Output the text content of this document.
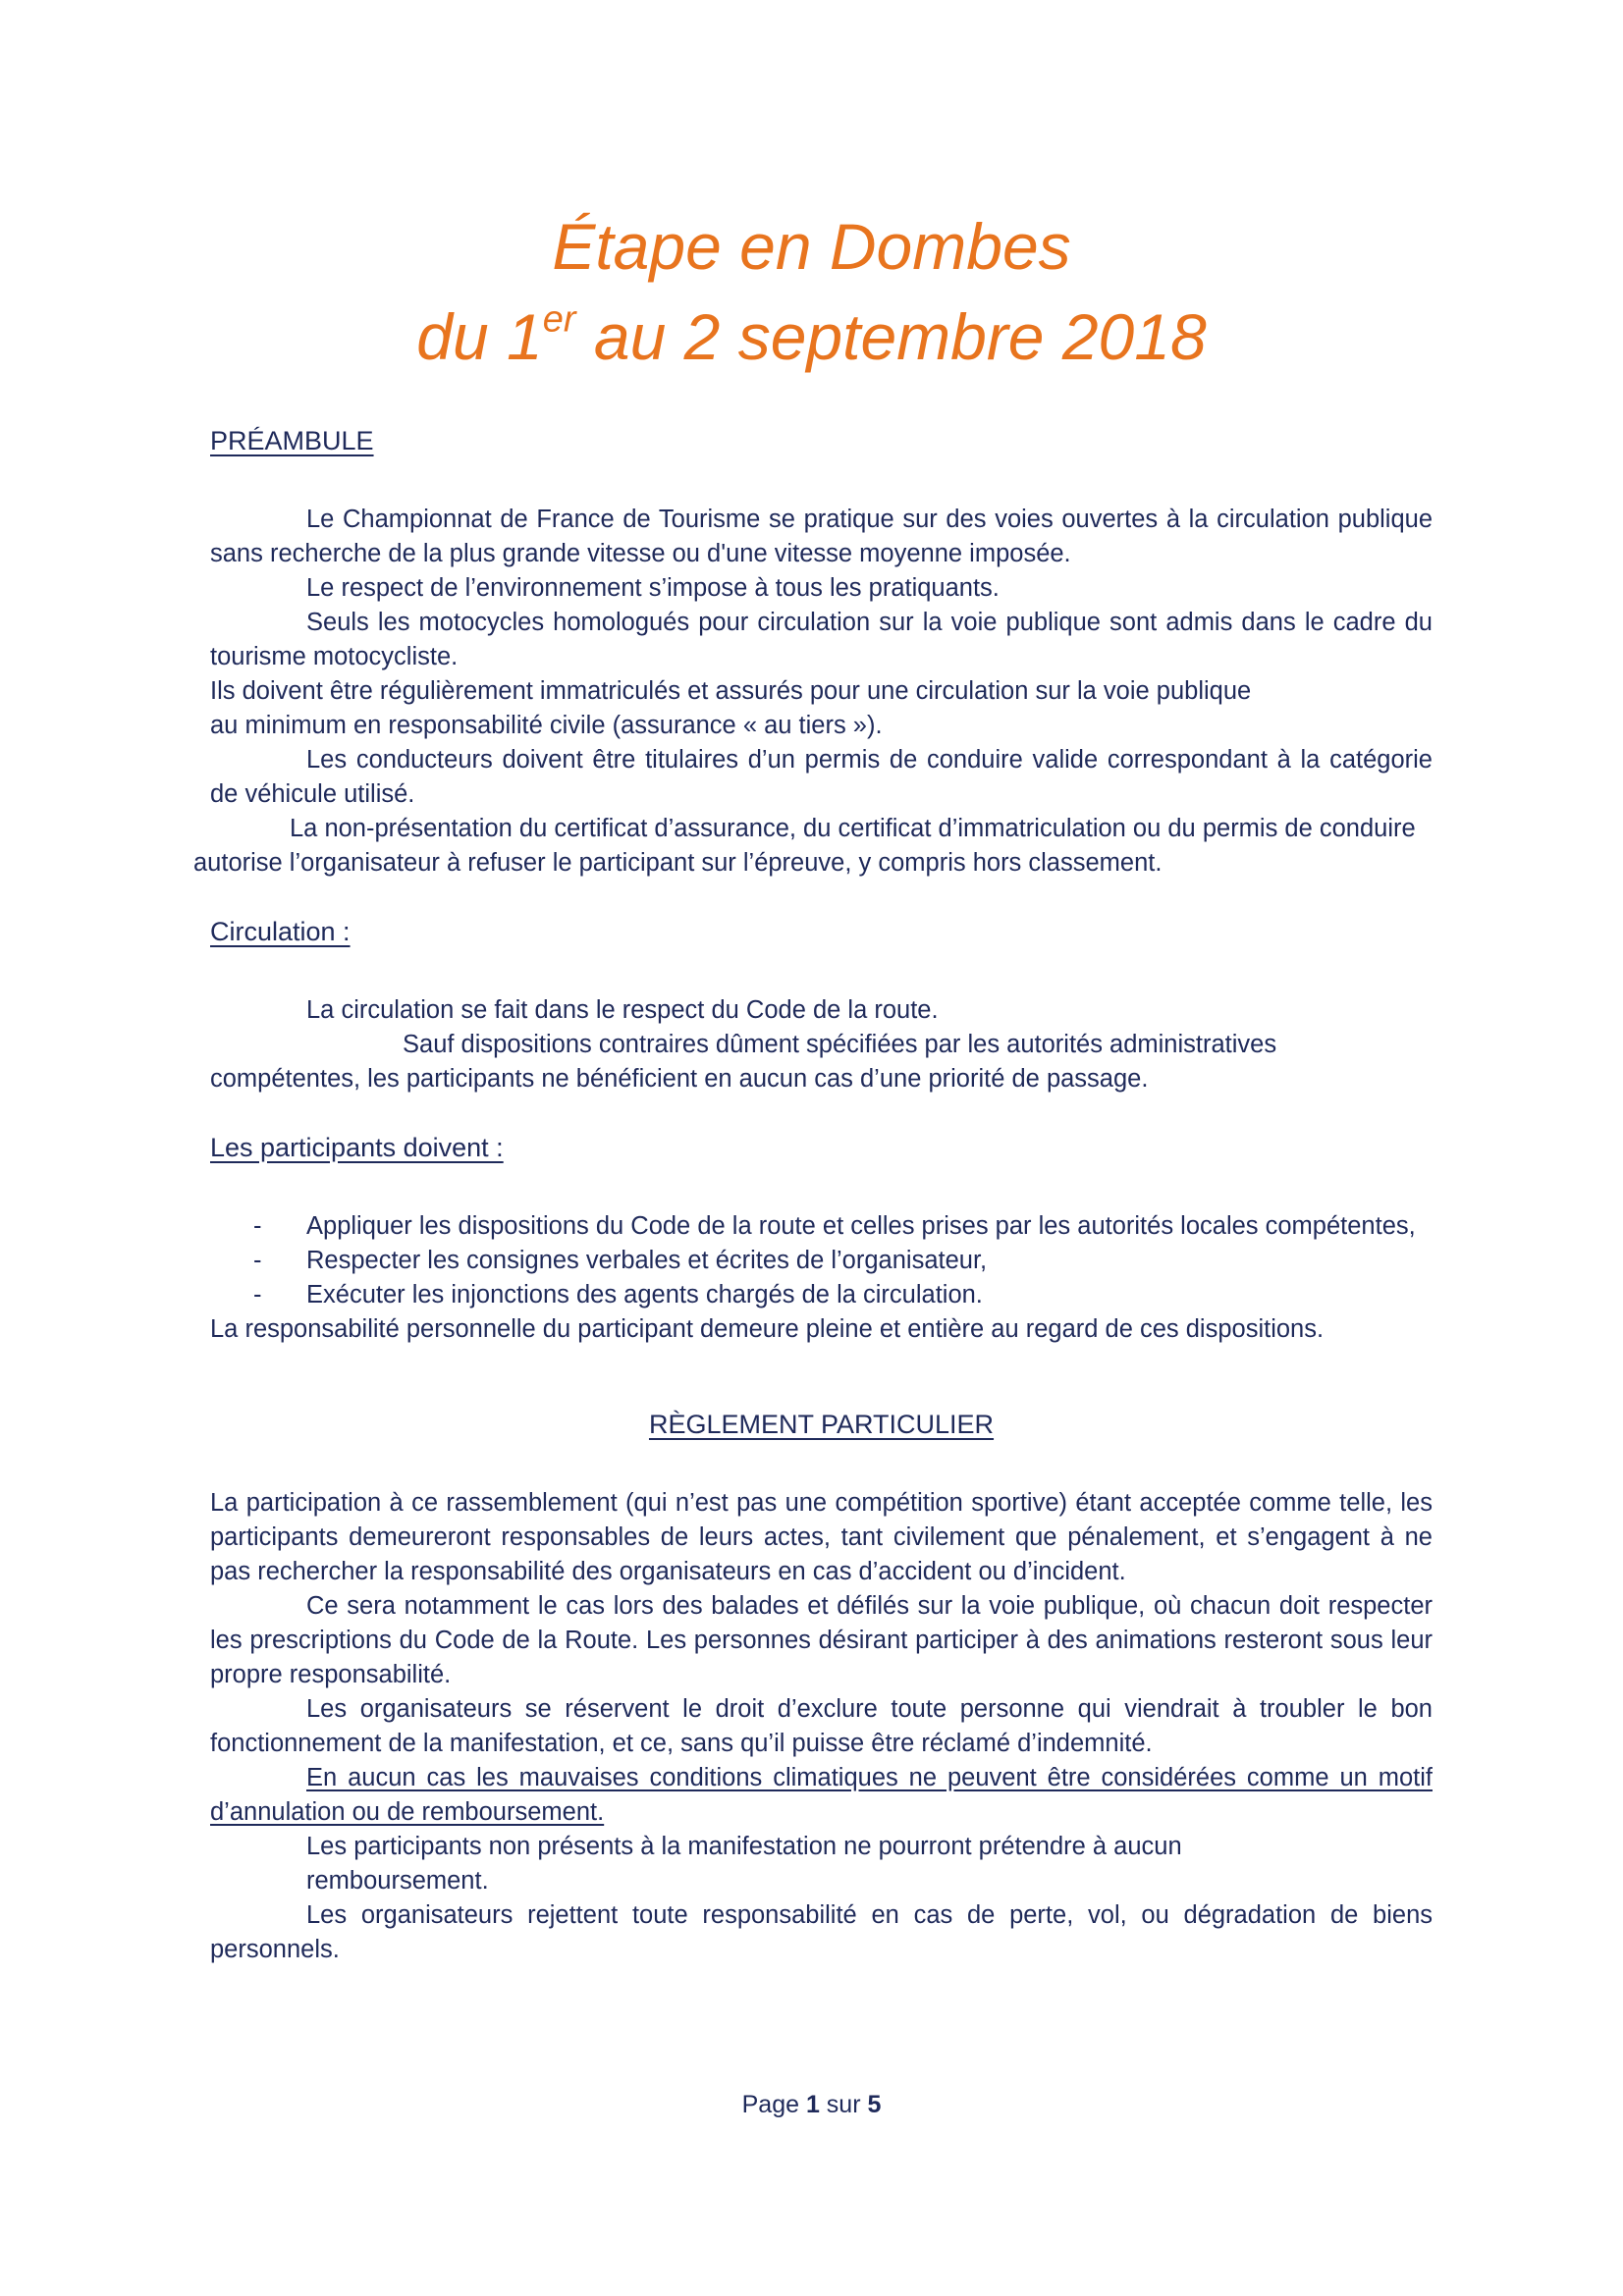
Étape en Dombes
du 1er au 2 septembre 2018
PRÉAMBULE

Le Championnat de France de Tourisme se pratique sur des voies ouvertes à la circulation publique sans recherche de la plus grande vitesse ou d'une vitesse moyenne imposée.

Le respect de l’environnement s’impose à tous les pratiquants.

Seuls les motocycles homologués pour circulation sur la voie publique sont admis dans le cadre du tourisme motocycliste.

Ils doivent être régulièrement immatriculés et assurés pour une circulation sur la voie publique
au minimum en responsabilité civile (assurance « au tiers »).

Les conducteurs doivent être titulaires d’un permis de conduire valide correspondant à la catégorie de véhicule utilisé.

La non-présentation du certificat d’assurance, du certificat d’immatriculation ou du permis de conduire autorise l’organisateur à refuser le participant sur l’épreuve, y compris hors classement.

Circulation :

La circulation se fait dans le respect du Code de la route.

Sauf dispositions contraires dûment spécifiées par les autorités administratives
compétentes, les participants ne bénéficient en aucun cas d’une priorité de passage.

Les participants doivent :
- Appliquer les dispositions du Code de la route et celles prises par les autorités locales compétentes,
- Respecter les consignes verbales et écrites de l’organisateur,
- Exécuter les injonctions des agents chargés de la circulation.

La responsabilité personnelle du participant demeure pleine et entière au regard de ces dispositions.

RÈGLEMENT PARTICULIER

La participation à ce rassemblement (qui n’est pas une compétition sportive) étant acceptée comme telle, les participants demeureront responsables de leurs actes, tant civilement que pénalement, et s’engagent à ne pas rechercher la responsabilité des organisateurs en cas d’accident ou d’incident.

Ce sera notamment le cas lors des balades et défilés sur la voie publique, où chacun doit respecter les prescriptions du Code de la Route. Les personnes désirant participer à des animations resteront sous leur propre responsabilité.

Les organisateurs se réservent le droit d’exclure toute personne qui viendrait à troubler le bon fonctionnement de la manifestation, et ce, sans qu’il puisse être réclamé d’indemnité.

En aucun cas les mauvaises conditions climatiques ne peuvent être considérées comme un motif d’annulation ou de remboursement.

Les participants non présents à la manifestation ne pourront prétendre à aucun
remboursement.

Les organisateurs rejettent toute responsabilité en cas de perte, vol, ou dégradation de biens personnels.

Page 1 sur 5
